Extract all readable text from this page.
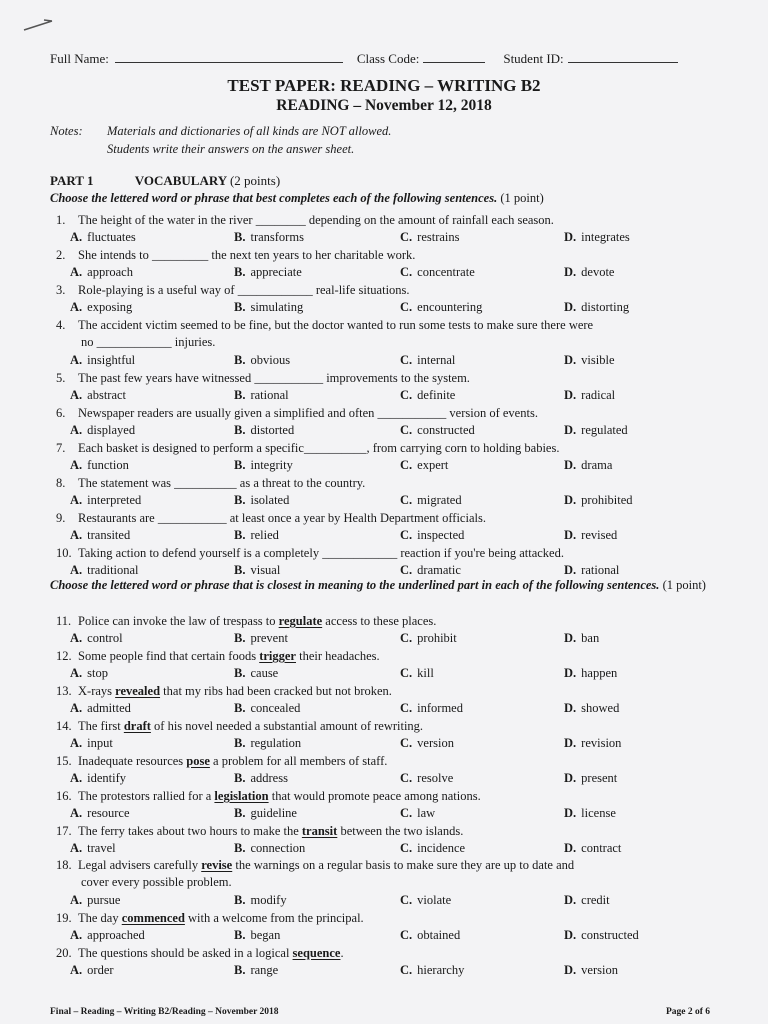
Full Name:	Class Code:	Student ID:
TEST PAPER: READING – WRITING B2
READING – November 12, 2018
Notes: Materials and dictionaries of all kinds are NOT allowed.
Students write their answers on the answer sheet.
PART 1	VOCABULARY (2 points)
Choose the lettered word or phrase that best completes each of the following sentences. (1 point)
Choose the lettered word or phrase that is closest in meaning to the underlined part in each of the following sentences. (1 point)
1. The height of the water in the river ________ depending on the amount of rainfall each season.
A. fluctuates	B. transforms	C. restrains	D. integrates
2. She intends to _________ the next ten years to her charitable work.
A. approach	B. appreciate	C. concentrate	D. devote
3. Role-playing is a useful way of ____________ real-life situations.
A. exposing	B. simulating	C. encountering	D. distorting
4. The accident victim seemed to be fine, but the doctor wanted to run some tests to make sure there were
no ____________ injuries.
A. insightful	B. obvious	C. internal	D. visible
5. The past few years have witnessed ___________ improvements to the system.
A. abstract	B. rational	C. definite	D. radical
6. Newspaper readers are usually given a simplified and often ___________ version of events.
A. displayed	B. distorted	C. constructed	D. regulated
7. Each basket is designed to perform a specific__________, from carrying corn to holding babies.
A. function	B. integrity	C. expert	D. drama
8. The statement was __________ as a threat to the country.
A. interpreted	B. isolated	C. migrated	D. prohibited
9. Restaurants are ___________ at least once a year by Health Department officials.
A. transited	B. relied	C. inspected	D. revised
10. Taking action to defend yourself is a completely ____________ reaction if you're being attacked.
A. traditional	B. visual	C. dramatic	D. rational
11. Police can invoke the law of trespass to regulate access to these places.
A. control	B. prevent	C. prohibit	D. ban
12. Some people find that certain foods trigger their headaches.
A. stop	B. cause	C. kill	D. happen
13. X-rays revealed that my ribs had been cracked but not broken.
A. admitted	B. concealed	C. informed	D. showed
14. The first draft of his novel needed a substantial amount of rewriting.
A. input	B. regulation	C. version	D. revision
15. Inadequate resources pose a problem for all members of staff.
A. identify	B. address	C. resolve	D. present
16. The protestors rallied for a legislation that would promote peace among nations.
A. resource	B. guideline	C. law	D. license
17. The ferry takes about two hours to make the transit between the two islands.
A. travel	B. connection	C. incidence	D. contract
18. Legal advisers carefully revise the warnings on a regular basis to make sure they are up to date and
cover every possible problem.
A. pursue	B. modify	C. violate	D. credit
19. The day commenced with a welcome from the principal.
A. approached	B. began	C. obtained	D. constructed
20. The questions should be asked in a logical sequence.
A. order	B. range	C. hierarchy	D. version
Final – Reading – Writing B2/Reading – November 2018	Page 2 of 6
